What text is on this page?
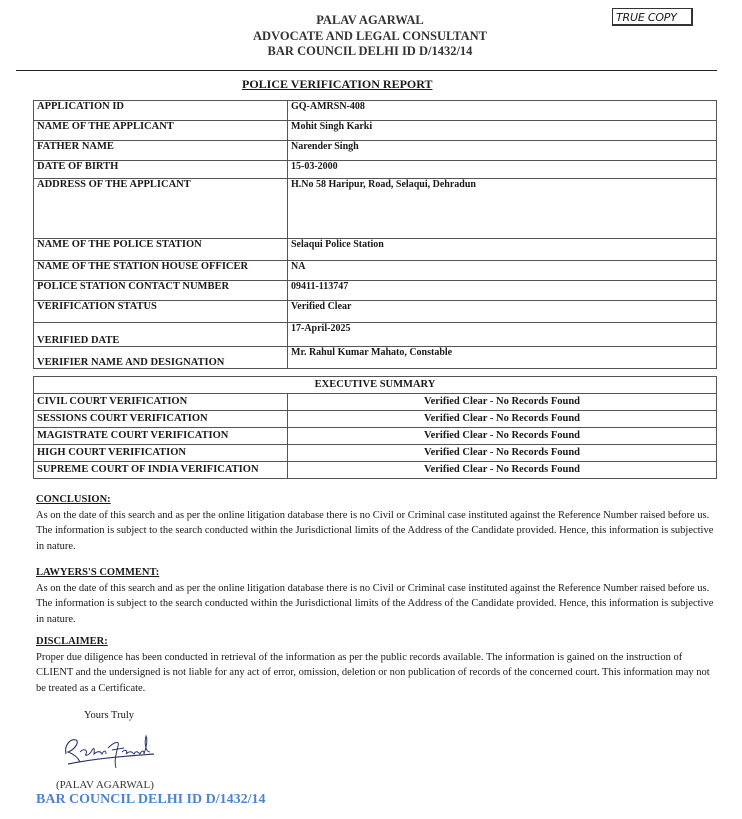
TRUE COPY
PALAV AGARWAL
ADVOCATE AND LEGAL CONSULTANT
BAR COUNCIL DELHI ID D/1432/14
POLICE VERIFICATION REPORT
APPLICATION ID	GQ-AMRSN-408
NAME OF THE APPLICANT	Mohit Singh Karki
FATHER NAME	Narender Singh
DATE OF BIRTH	15-03-2000
ADDRESS OF THE APPLICANT	H.No 58 Haripur, Road, Selaqui, Dehradun
NAME OF THE POLICE STATION	Selaqui Police Station
NAME OF THE STATION HOUSE OFFICER	NA
POLICE STATION CONTACT NUMBER	09411-113747
VERIFICATION STATUS	Verified Clear
VERIFIED DATE	17-April-2025
VERIFIER NAME AND DESIGNATION	Mr. Rahul Kumar Mahato, Constable
EXECUTIVE SUMMARY	
CIVIL COURT VERIFICATION	Verified Clear - No Records Found
SESSIONS COURT VERIFICATION	Verified Clear - No Records Found
MAGISTRATE COURT VERIFICATION	Verified Clear - No Records Found
HIGH COURT VERIFICATION	Verified Clear - No Records Found
SUPREME COURT OF INDIA VERIFICATION	Verified Clear - No Records Found
CONCLUSION:
As on the date of this search and as per the online litigation database there is no Civil or Criminal case instituted against the Reference Number raised before us. The information is subject to the search conducted within the Jurisdictional limits of the Address of the Candidate provided. Hence, this information is subjective in nature.
LAWYERS'S COMMENT:
As on the date of this search and as per the online litigation database there is no Civil or Criminal case instituted against the Reference Number raised before us. The information is subject to the search conducted within the Jurisdictional limits of the Address of the Candidate provided. Hence, this information is subjective in nature.
DISCLAIMER:
Proper due diligence has been conducted in retrieval of the information as per the public records available. The information is gained on the instruction of CLIENT and the undersigned is not liable for any act of error, omission, deletion or non publication of records of the concerned court. This information may not be treated as a Certificate.
Yours Truly
(PALAV AGARWAL)
BAR COUNCIL DELHI ID D/1432/14
